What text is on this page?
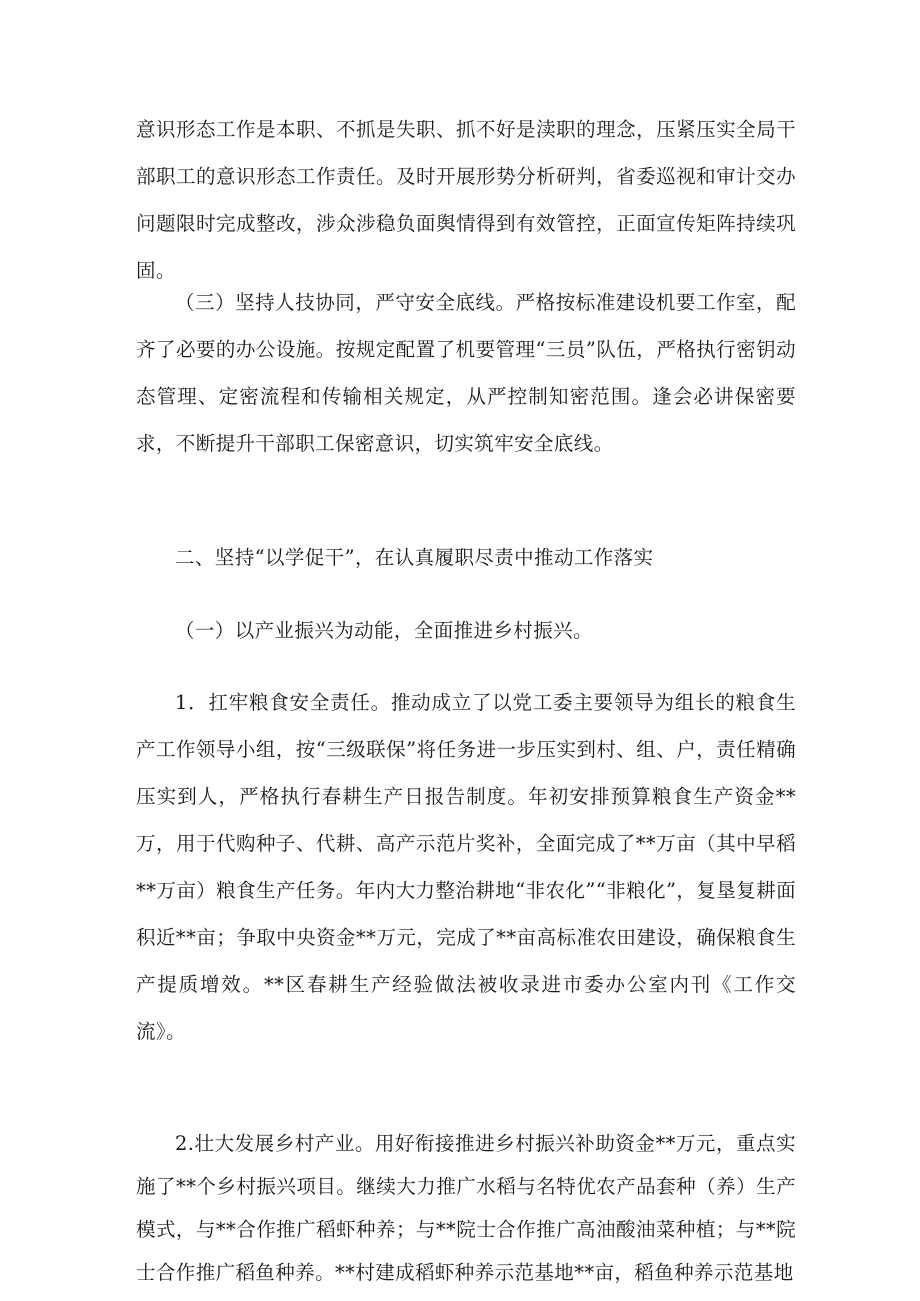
意识形态工作是本职、不抓是失职、抓不好是渎职的理念，压紧压实全局干部职工的意识形态工作责任。及时开展形势分析研判，省委巡视和审计交办问题限时完成整改，涉众涉稳负面舆情得到有效管控，正面宣传矩阵持续巩固。

（三）坚持人技协同，严守安全底线。严格按标准建设机要工作室，配齐了必要的办公设施。按规定配置了机要管理“三员”队伍，严格执行密钥动态管理、定密流程和传输相关规定，从严控制知密范围。逢会必讲保密要求，不断提升干部职工保密意识，切实筑牢安全底线。

二、坚持“以学促干”，在认真履职尽责中推动工作落实

（一）以产业振兴为动能，全面推进乡村振兴。

1．扛牢粮食安全责任。推动成立了以党工委主要领导为组长的粮食生产工作领导小组，按“三级联保”将任务进一步压实到村、组、户，责任精确压实到人，严格执行春耕生产日报告制度。年初安排预算粮食生产资金**万，用于代购种子、代耕、高产示范片奖补，全面完成了**万亩（其中早稻**万亩）粮食生产任务。年内大力整治耕地“非农化”“非粮化”，复垦复耕面积近**亩；争取中央资金**万元，完成了**亩高标准农田建设，确保粮食生产提质增效。**区春耕生产经验做法被收录进市委办公室内刊《工作交流》。

2.壮大发展乡村产业。用好衔接推进乡村振兴补助资金**万元，重点实施了**个乡村振兴项目。继续大力推广水稻与名特优农产品套种（养）生产模式，与**合作推广稻虾种养；与**院士合作推广高油酸油菜种植；与**院士合作推广稻鱼种养。**村建成稻虾种养示范基地**亩，稻鱼种养示范基地
